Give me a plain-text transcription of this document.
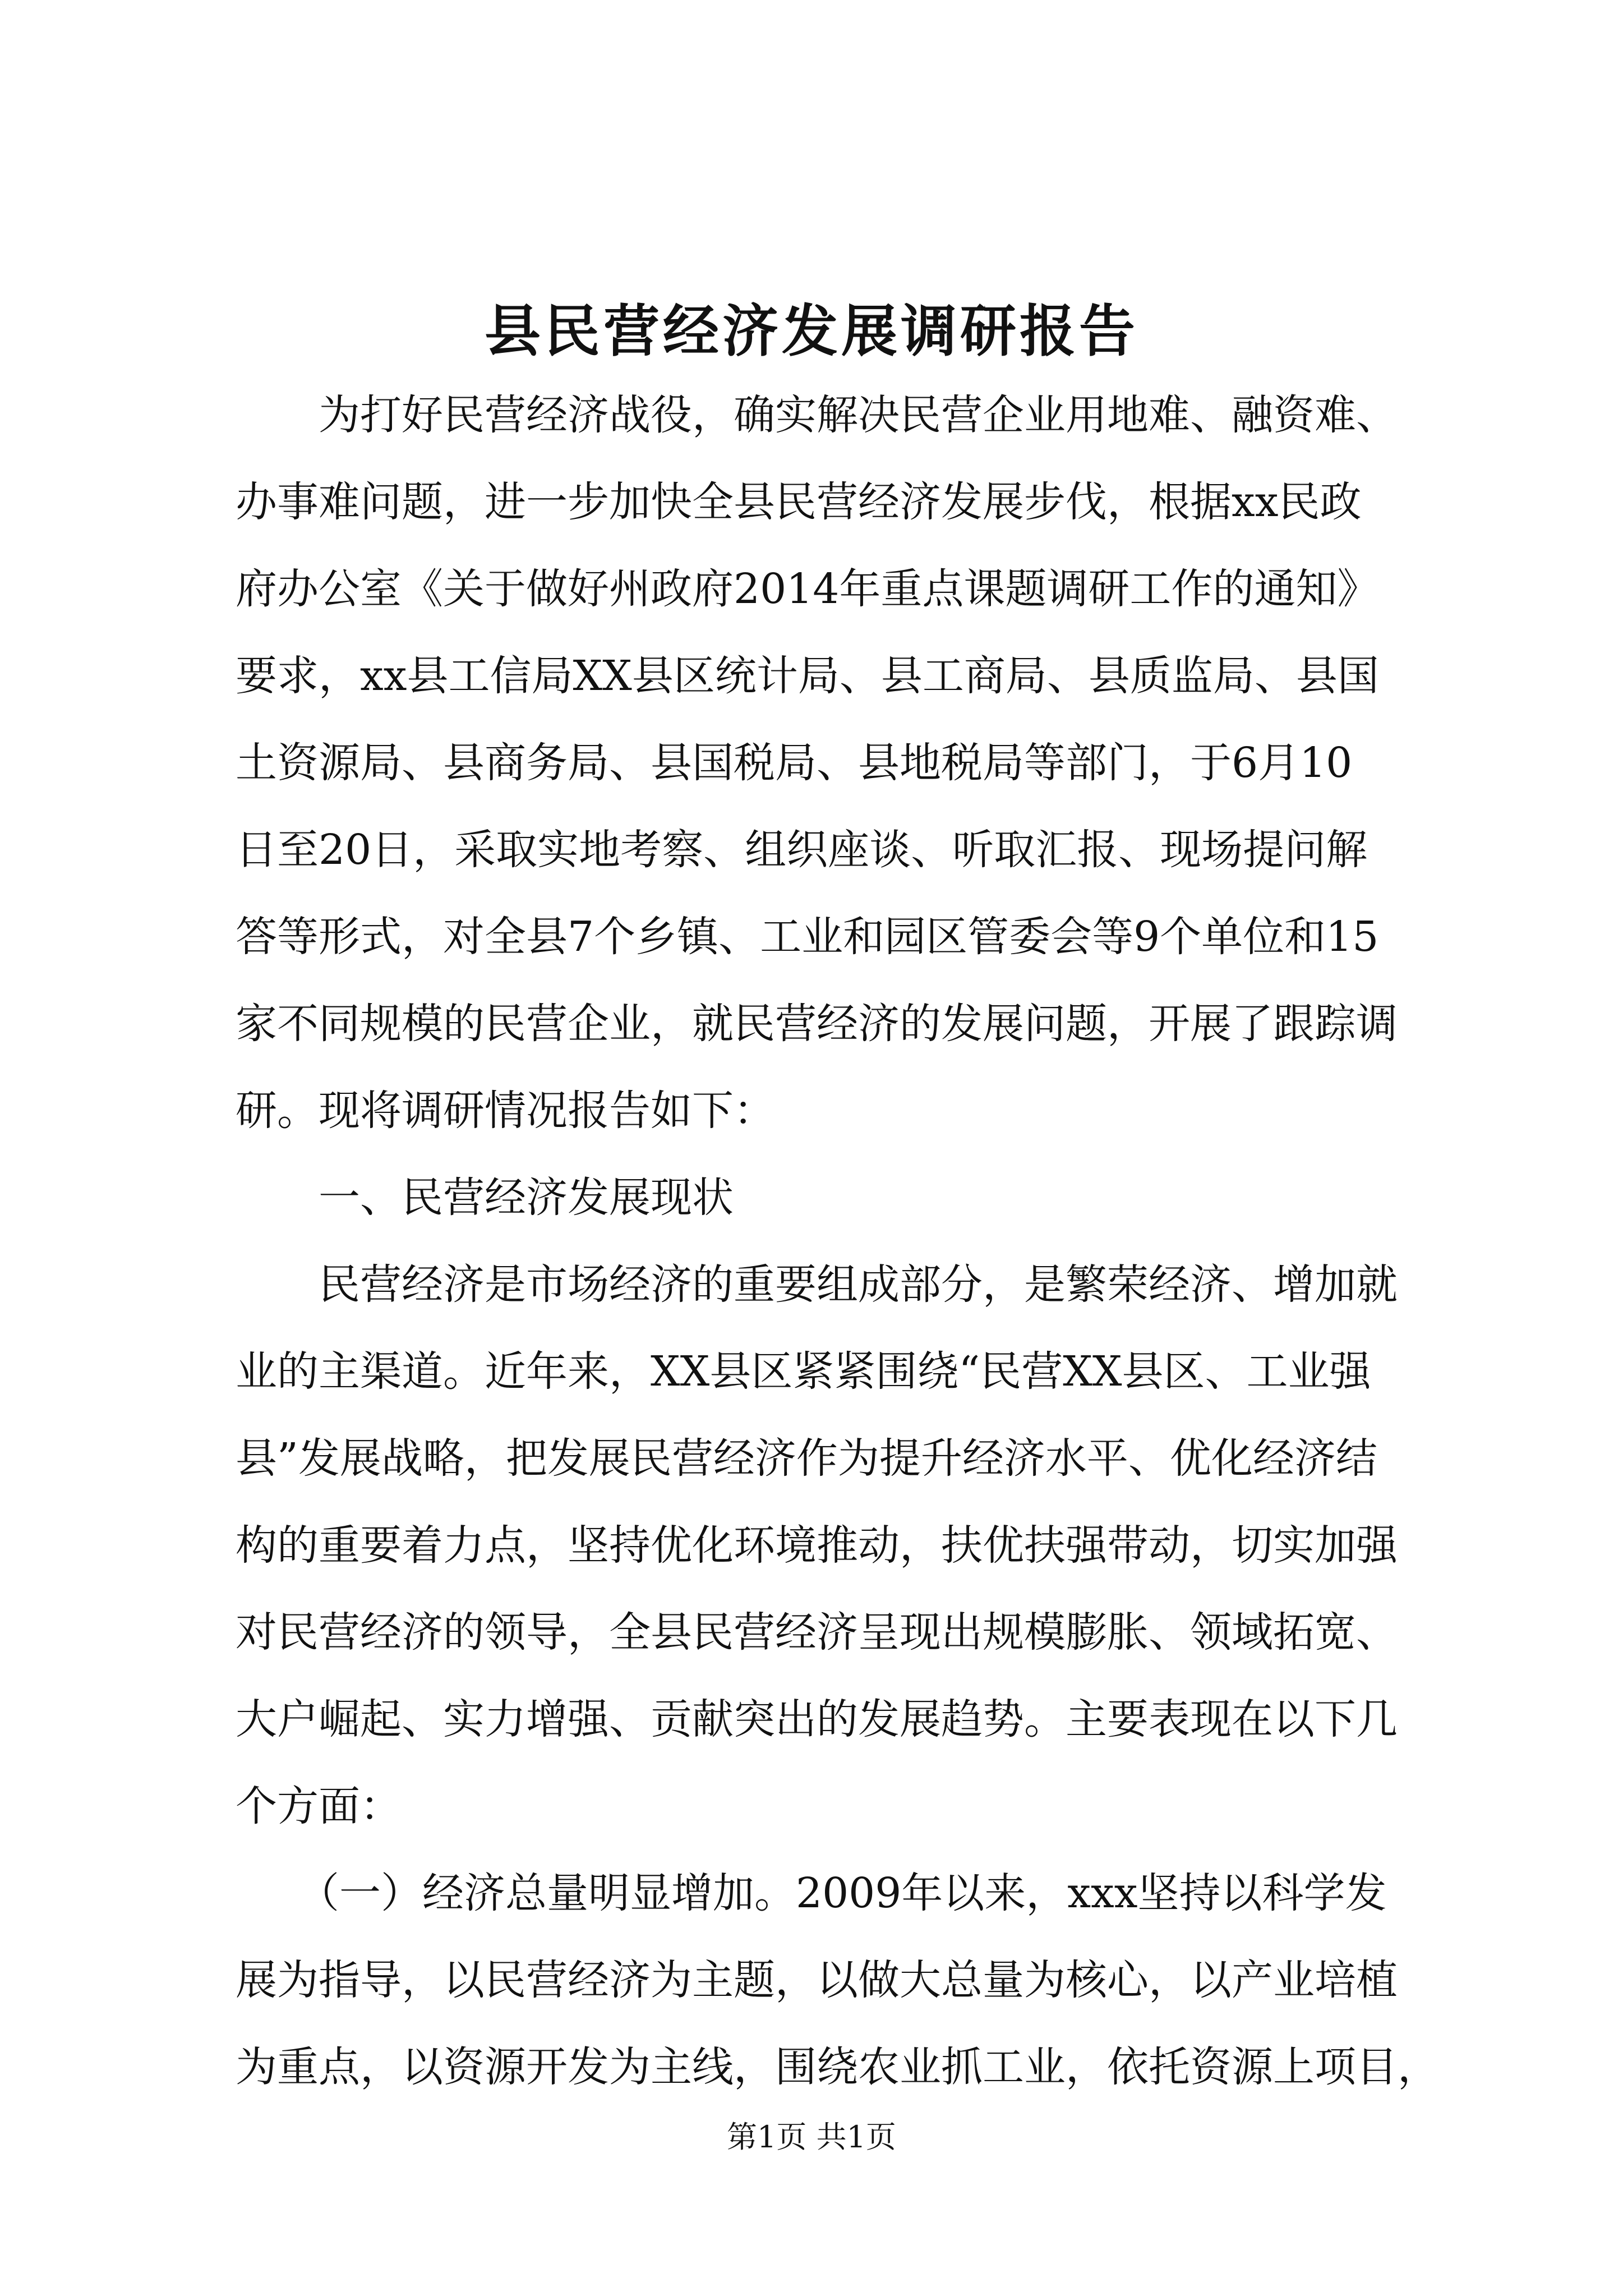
县民营经济发展调研报告
　　为打好民营经济战役，确实解决民营企业用地难、融资难、
办事难问题，进一步加快全县民营经济发展步伐，根据xx民政
府办公室《关于做好州政府2014年重点课题调研工作的通知》
要求，xx县工信局XX县区统计局、县工商局、县质监局、县国
土资源局、县商务局、县国税局、县地税局等部门，于6月10
日至20日，采取实地考察、组织座谈、听取汇报、现场提问解
答等形式，对全县7个乡镇、工业和园区管委会等9个单位和15
家不同规模的民营企业，就民营经济的发展问题，开展了跟踪调
研。现将调研情况报告如下：
　　一、民营经济发展现状
　　民营经济是市场经济的重要组成部分，是繁荣经济、增加就
业的主渠道。近年来，XX县区紧紧围绕“民营XX县区、工业强
县”发展战略，把发展民营经济作为提升经济水平、优化经济结
构的重要着力点，坚持优化环境推动，扶优扶强带动，切实加强
对民营经济的领导，全县民营经济呈现出规模膨胀、领域拓宽、
大户崛起、实力增强、贡献突出的发展趋势。主要表现在以下几
个方面：
　　（一）经济总量明显增加。2009年以来，xxx坚持以科学发
展为指导，以民营经济为主题，以做大总量为核心，以产业培植
为重点，以资源开发为主线，围绕农业抓工业，依托资源上项目，
第1页 共1页
